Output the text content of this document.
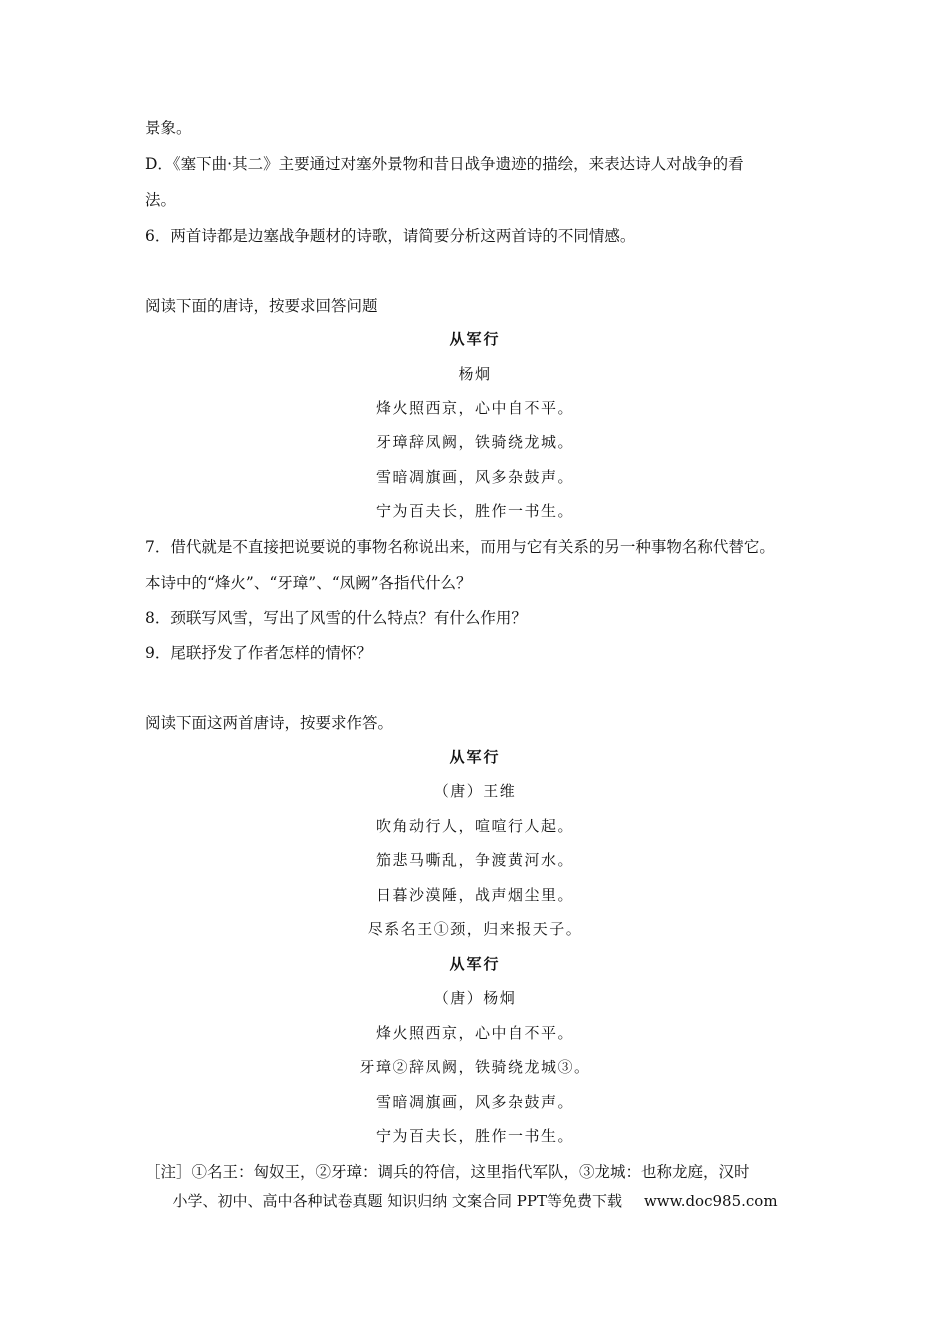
景象。
D．《塞下曲·其二》主要通过对塞外景物和昔日战争遗迹的描绘，来表达诗人对战争的看
法。
6．两首诗都是边塞战争题材的诗歌，请简要分析这两首诗的不同情感。
阅读下面的唐诗，按要求回答问题
从军行
杨炯
烽火照西京，心中自不平。
牙璋辞凤阙，铁骑绕龙城。
雪暗凋旗画，风多杂鼓声。
宁为百夫长，胜作一书生。
7．借代就是不直接把说要说的事物名称说出来，而用与它有关系的另一种事物名称代替它。
本诗中的“烽火”、“牙璋”、“凤阙”各指代什么？
8．颈联写风雪，写出了风雪的什么特点？有什么作用？
9．尾联抒发了作者怎样的情怀？
阅读下面这两首唐诗，按要求作答。
从军行
（唐）王维
吹角动行人，喧喧行人起。
笳悲马嘶乱，争渡黄河水。
日暮沙漠陲，战声烟尘里。
尽系名王①颈，归来报天子。
从军行
（唐）杨炯
烽火照西京，心中自不平。
牙璋②辞凤阙，铁骑绕龙城③。
雪暗凋旗画，风多杂鼓声。
宁为百夫长，胜作一书生。
［注］①名王：匈奴王，②牙璋：调兵的符信，这里指代军队，③龙城：也称龙庭，汉时
小学、初中、高中各种试卷真题 知识归纳 文案合同 PPT等免费下载 www.doc985.com
